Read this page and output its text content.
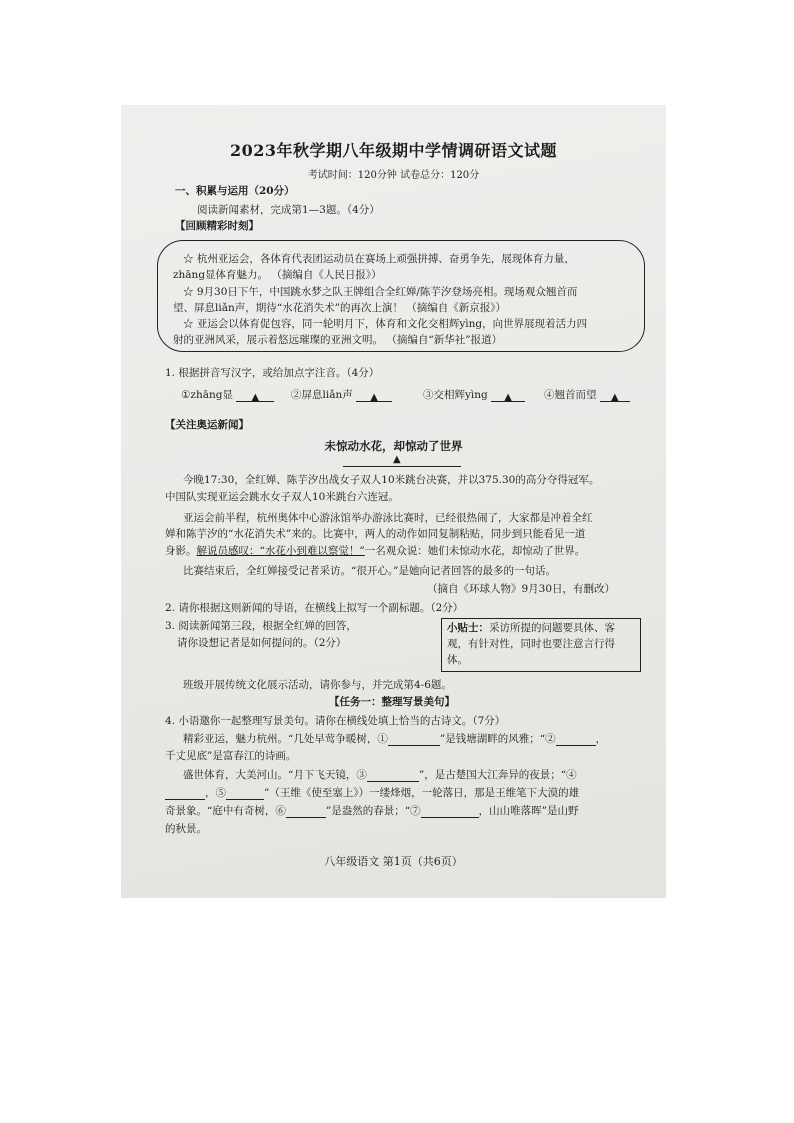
2023年秋学期八年级期中学情调研语文试题
考试时间：120分钟 试卷总分：120分
一、积累与运用（20分）
阅读新闻素材，完成第1—3题。（4分）
【回顾精彩时刻】
☆ 杭州亚运会，各体育代表团运动员在赛场上顽强拼搏、奋勇争先，展现体育力量，
zhāng显体育魅力。 （摘编自《人民日报》）
☆ 9月30日下午，中国跳水梦之队王牌组合全红婵/陈芋汐登场亮相。现场观众翘首而
望、屏息liǎn声，期待“水花消失术”的再次上演！ （摘编自《新京报》）
☆ 亚运会以体育促包容，同一轮明月下，体育和文化交相辉yìng，向世界展现着活力四
射的亚洲风采，展示着悠远璀璨的亚洲文明。 （摘编自“新华社”报道）
1. 根据拼音写汉字，或给加点字注音。（4分）
①zhāng显 ▲	②屏息liǎn声 ▲	③交相辉yìng ▲	④翘首而望 ▲
【关注奥运新闻】
未惊动水花，却惊动了世界
▲
今晚17:30，全红婵、陈芋汐出战女子双人10米跳台决赛，并以375.30的高分夺得冠军。
中国队实现亚运会跳水女子双人10米跳台六连冠。
亚运会前半程，杭州奥体中心游泳馆举办游泳比赛时，已经很热闹了，大家都是冲着全红
婵和陈芋汐的“水花消失术”来的。比赛中，两人的动作如同复制粘贴，同步到只能看见一道
身影。解说员感叹：“水花小到难以察觉！”一名观众说：她们未惊动水花，却惊动了世界。
比赛结束后，全红婵接受记者采访。“很开心。”是她向记者回答的最多的一句话。
（摘自《环球人物》9月30日，有删改）
2. 请你根据这则新闻的导语，在横线上拟写一个副标题。（2分）
3. 阅读新闻第三段，根据全红婵的回答，
请你设想记者是如何提问的。（2分）
小贴士：采访所提的问题要具体、客
观，有针对性，同时也要注意言行得
体。
班级开展传统文化展示活动，请你参与，并完成第4-6题。
【任务一：整理写景美句】
4. 小语邀你一起整理写景美句。请你在横线处填上恰当的古诗文。（7分）
精彩亚运，魅力杭州。“几处早莺争暖树，①	”是钱塘湖畔的风雅；“②	，
千丈见底”是富春江的诗画。
盛世体育，大美河山。“月下飞天镜，③	”，是古楚国大江奔异的夜景；“④
，⑤	”（王维《使至塞上》）一缕烽烟，一轮落日，那是王维笔下大漠的雄
奇景象。“庭中有奇树，⑥	”是盎然的春景；“⑦	，山山唯落晖”是山野
的秋景。
八年级语文 第1页（共6页）
